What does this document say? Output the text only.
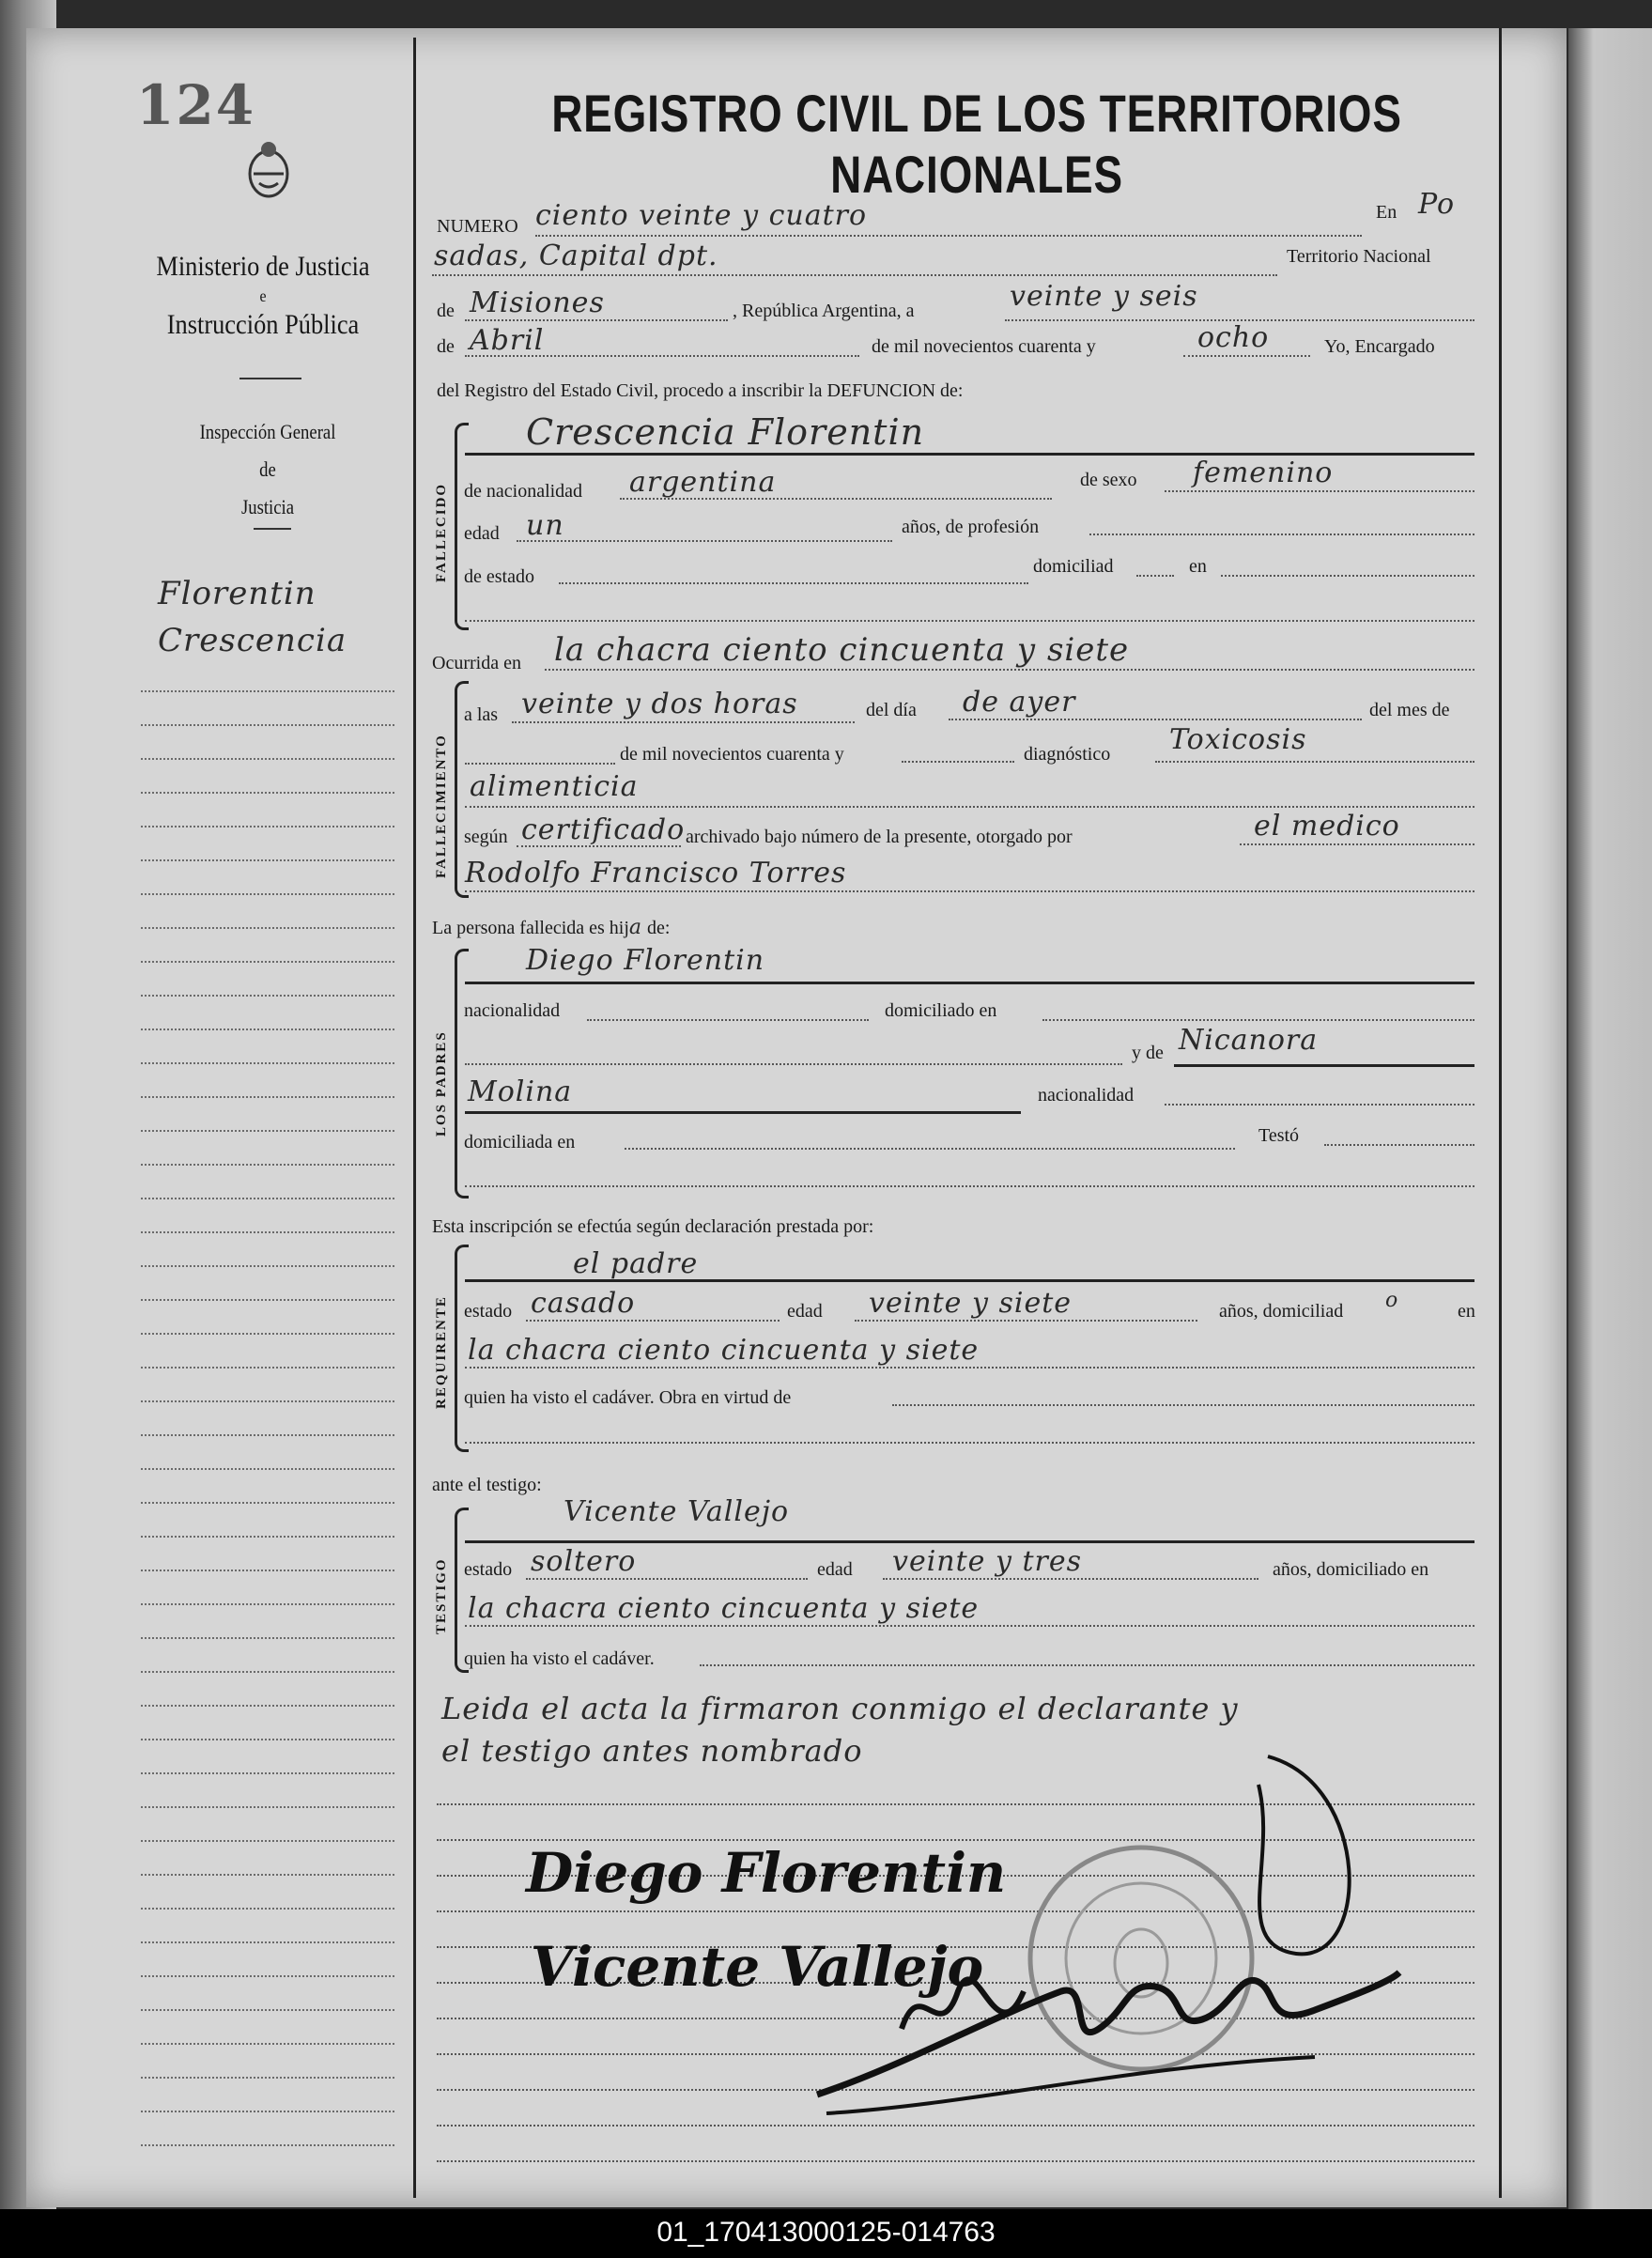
124
Ministerio de Justicia
e
Instrucción Pública
Inspección General
de
Justicia
Florentin
Crescencia
REGISTRO CIVIL DE LOS TERRITORIOS NACIONALES
NUMERO ciento veinte y cuatro	En Po
sadas, Capital dpt.	Territorio Nacional
de Misiones	, República Argentina, a	veinte y seis
de Abril	de mil novecientos cuarenta y	ocho	Yo, Encargado
del Registro del Estado Civil, procedo a inscribir la DEFUNCION de:
FALLECIDO
Crescencia Florentin
de nacionalidad argentina	de sexo femenino
edad un	años, de profesión
de estado	domiciliad	en
Ocurrida en la chacra ciento cincuenta y siete
FALLECIMIENTO
a las veinte y dos horas	del día de ayer	del mes de
de mil novecientos cuarenta y	diagnóstico Toxicosis
alimenticia
según certificado archivado bajo número de la presente, otorgado por	el medico
Rodolfo Francisco Torres
La persona fallecida es hija de:
LOS PADRES
Diego Florentin
nacionalidad	domiciliado en
y de Nicanora
Molina	nacionalidad
domiciliada en	Testó
Esta inscripción se efectúa según declaración prestada por:
REQUIRENTE
el padre
estado casado	edad veinte y siete	años, domiciliad o	en
la chacra ciento cincuenta y siete
quien ha visto el cadáver. Obra en virtud de
ante el testigo:
TESTIGO
Vicente Vallejo
estado soltero	edad veinte y tres	años, domiciliado en
la chacra ciento cincuenta y siete
quien ha visto el cadáver.
Leida el acta la firmaron conmigo el declarante y
el testigo antes nombrado
Diego Florentin
Vicente Vallejo
01_170413000125-014763
